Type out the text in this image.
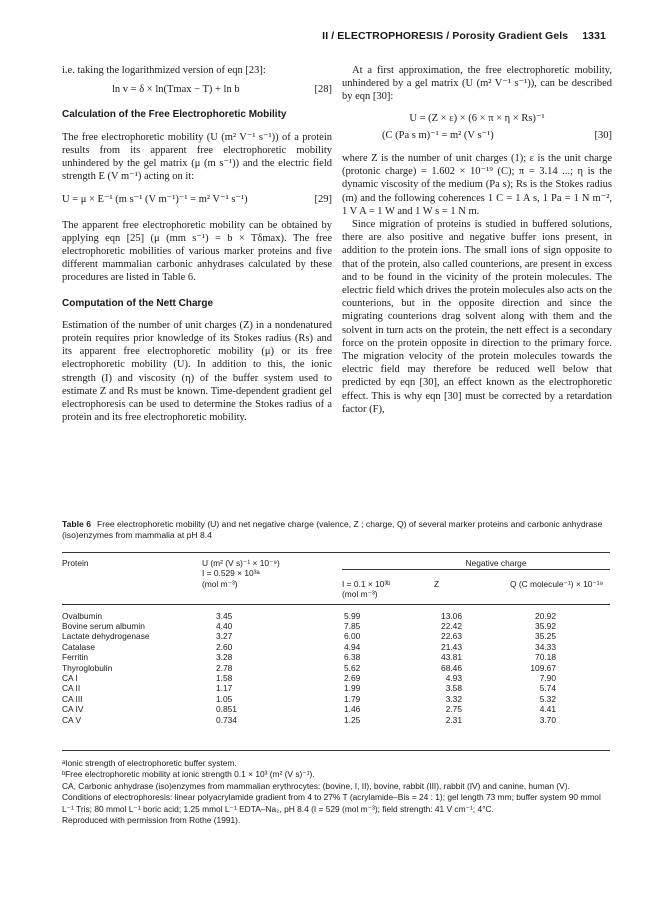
II / ELECTROPHORESIS / Porosity Gradient Gels 1331

i.e. taking the logarithmized version of eqn [23]:

ln v = δ × ln(Tmax − T) + ln b	[28]
Calculation of the Free Electrophoretic Mobility

The free electrophoretic mobility (U (m² V⁻¹ s⁻¹)) of a protein results from its apparent free electrophoretic mobility unhindered by the gel matrix (μ (m s⁻¹)) and the electric field strength E (V m⁻¹) acting on it:

U = μ × E⁻¹ (m s⁻¹ (V m⁻¹)⁻¹ = m² V⁻¹ s⁻¹)	[29]

The apparent free electrophoretic mobility can be obtained by applying eqn [25] (μ (mm s⁻¹) = b × Tδmax). The free electrophoretic mobilities of various marker proteins and five different mammalian carbonic anhydrases calculated by these procedures are listed in Table 6.

Computation of the Nett Charge

Estimation of the number of unit charges (Z) in a nondenatured protein requires prior knowledge of its Stokes radius (Rs) and its apparent free electrophoretic mobility (μ) or its free electrophoretic mobility (U). In addition to this, the ionic strength (I) and viscosity (η) of the buffer system used to estimate Z and Rs must be known. Time-dependent gradient gel electrophoresis can be used to determine the Stokes radius of a protein and its free electrophoretic mobility.

At a first approximation, the free electrophoretic mobility, unhindered by a gel matrix (U (m² V⁻¹ s⁻¹)), can be described by eqn [30]:

U = (Z × ε) × (6 × π × η × Rs)⁻¹
(C (Pa s m)⁻¹ = m² (V s⁻¹)	[30]

where Z is the number of unit charges (1); ε is the unit charge (protonic charge) = 1.602 × 10⁻¹⁹ (C); π = 3.14 ...; η is the dynamic viscosity of the medium (Pa s); Rs is the Stokes radius (m) and the following coherences 1 C = 1 A s, 1 Pa = 1 N m⁻², 1 V A = 1 W and 1 W s = 1 N m.

Since migration of proteins is studied in buffered solutions, there are also positive and negative buffer ions present, in addition to the protein ions. The small ions of sign opposite to that of the protein, also called counterions, are present in excess and to be found in the vicinity of the protein molecules. The electric field which drives the protein molecules also acts on the counterions, but in the opposite direction and since the migrating counterions drag solvent along with them and the solvent in turn acts on the protein, the nett effect is a secondary force on the protein opposite in direction to the primary force. The migration velocity of the protein molecules towards the electric field may therefore be reduced well below that predicted by eqn [30], an effect known as the electrophoretic effect. This is why eqn [30] must be corrected by a retardation factor (F),

Table 6 Free electrophoretic mobility (U) and net negative charge (valence, Z ; charge, Q) of several marker proteins and carbonic anhydrase (iso)enzymes from mammalia at pH 8.4
Protein	U (m² (V s)⁻¹ × 10⁻⁹)	Negative charge		
	I = 0.529 × 10³ᵃ			

	(mol m⁻³)	I = 0.1 × 10³ᵇ	Z	Q (C molecule⁻¹) × 10⁻¹⁹
		(mol m⁻³)		

Ovalbumin	3.45	5.99	13.06	20.92
Bovine serum albumin	4.40	7.85	22.42	35.92
Lactate dehydrogenase	3.27	6.00	22.63	35.25
Catalase	2.60	4.94	21.43	34.33
Ferritin	3.28	6.38	43.81	70.18
Thyroglobulin	2.78	5.62	68.46	109.67
CA I	1.58	2.69	4.93	7.90
CA II	1.17	1.99	3.58	5.74
CA III	1.05	1.79	3.32	5.32
CA IV	0.851	1.46	2.75	4.41
CA V	0.734	1.25	2.31	3.70

ᵃIonic strength of electrophoretic buffer system.

ᵇFree electrophoretic mobility at ionic strength 0.1 × 10³ (m² (V s)⁻¹).

CA, Carbonic anhydrase (iso)enzymes from mammalian erythrocytes: (bovine, I, II), bovine, rabbit (III), rabbit (IV) and canine, human (V). Conditions of electrophoresis: linear polyacrylamide gradient from 4 to 27% T (acrylamide–Bis = 24 : 1); gel length 73 mm; buffer system 90 mmol L⁻¹ Tris; 80 mmol L⁻¹ boric acid; 1.25 mmol L⁻¹ EDTA–Na₂, pH 8.4 (I = 529 (mol m⁻³); field strength: 41 V cm⁻¹; 4°C.

Reproduced with permission from Rothe (1991).
